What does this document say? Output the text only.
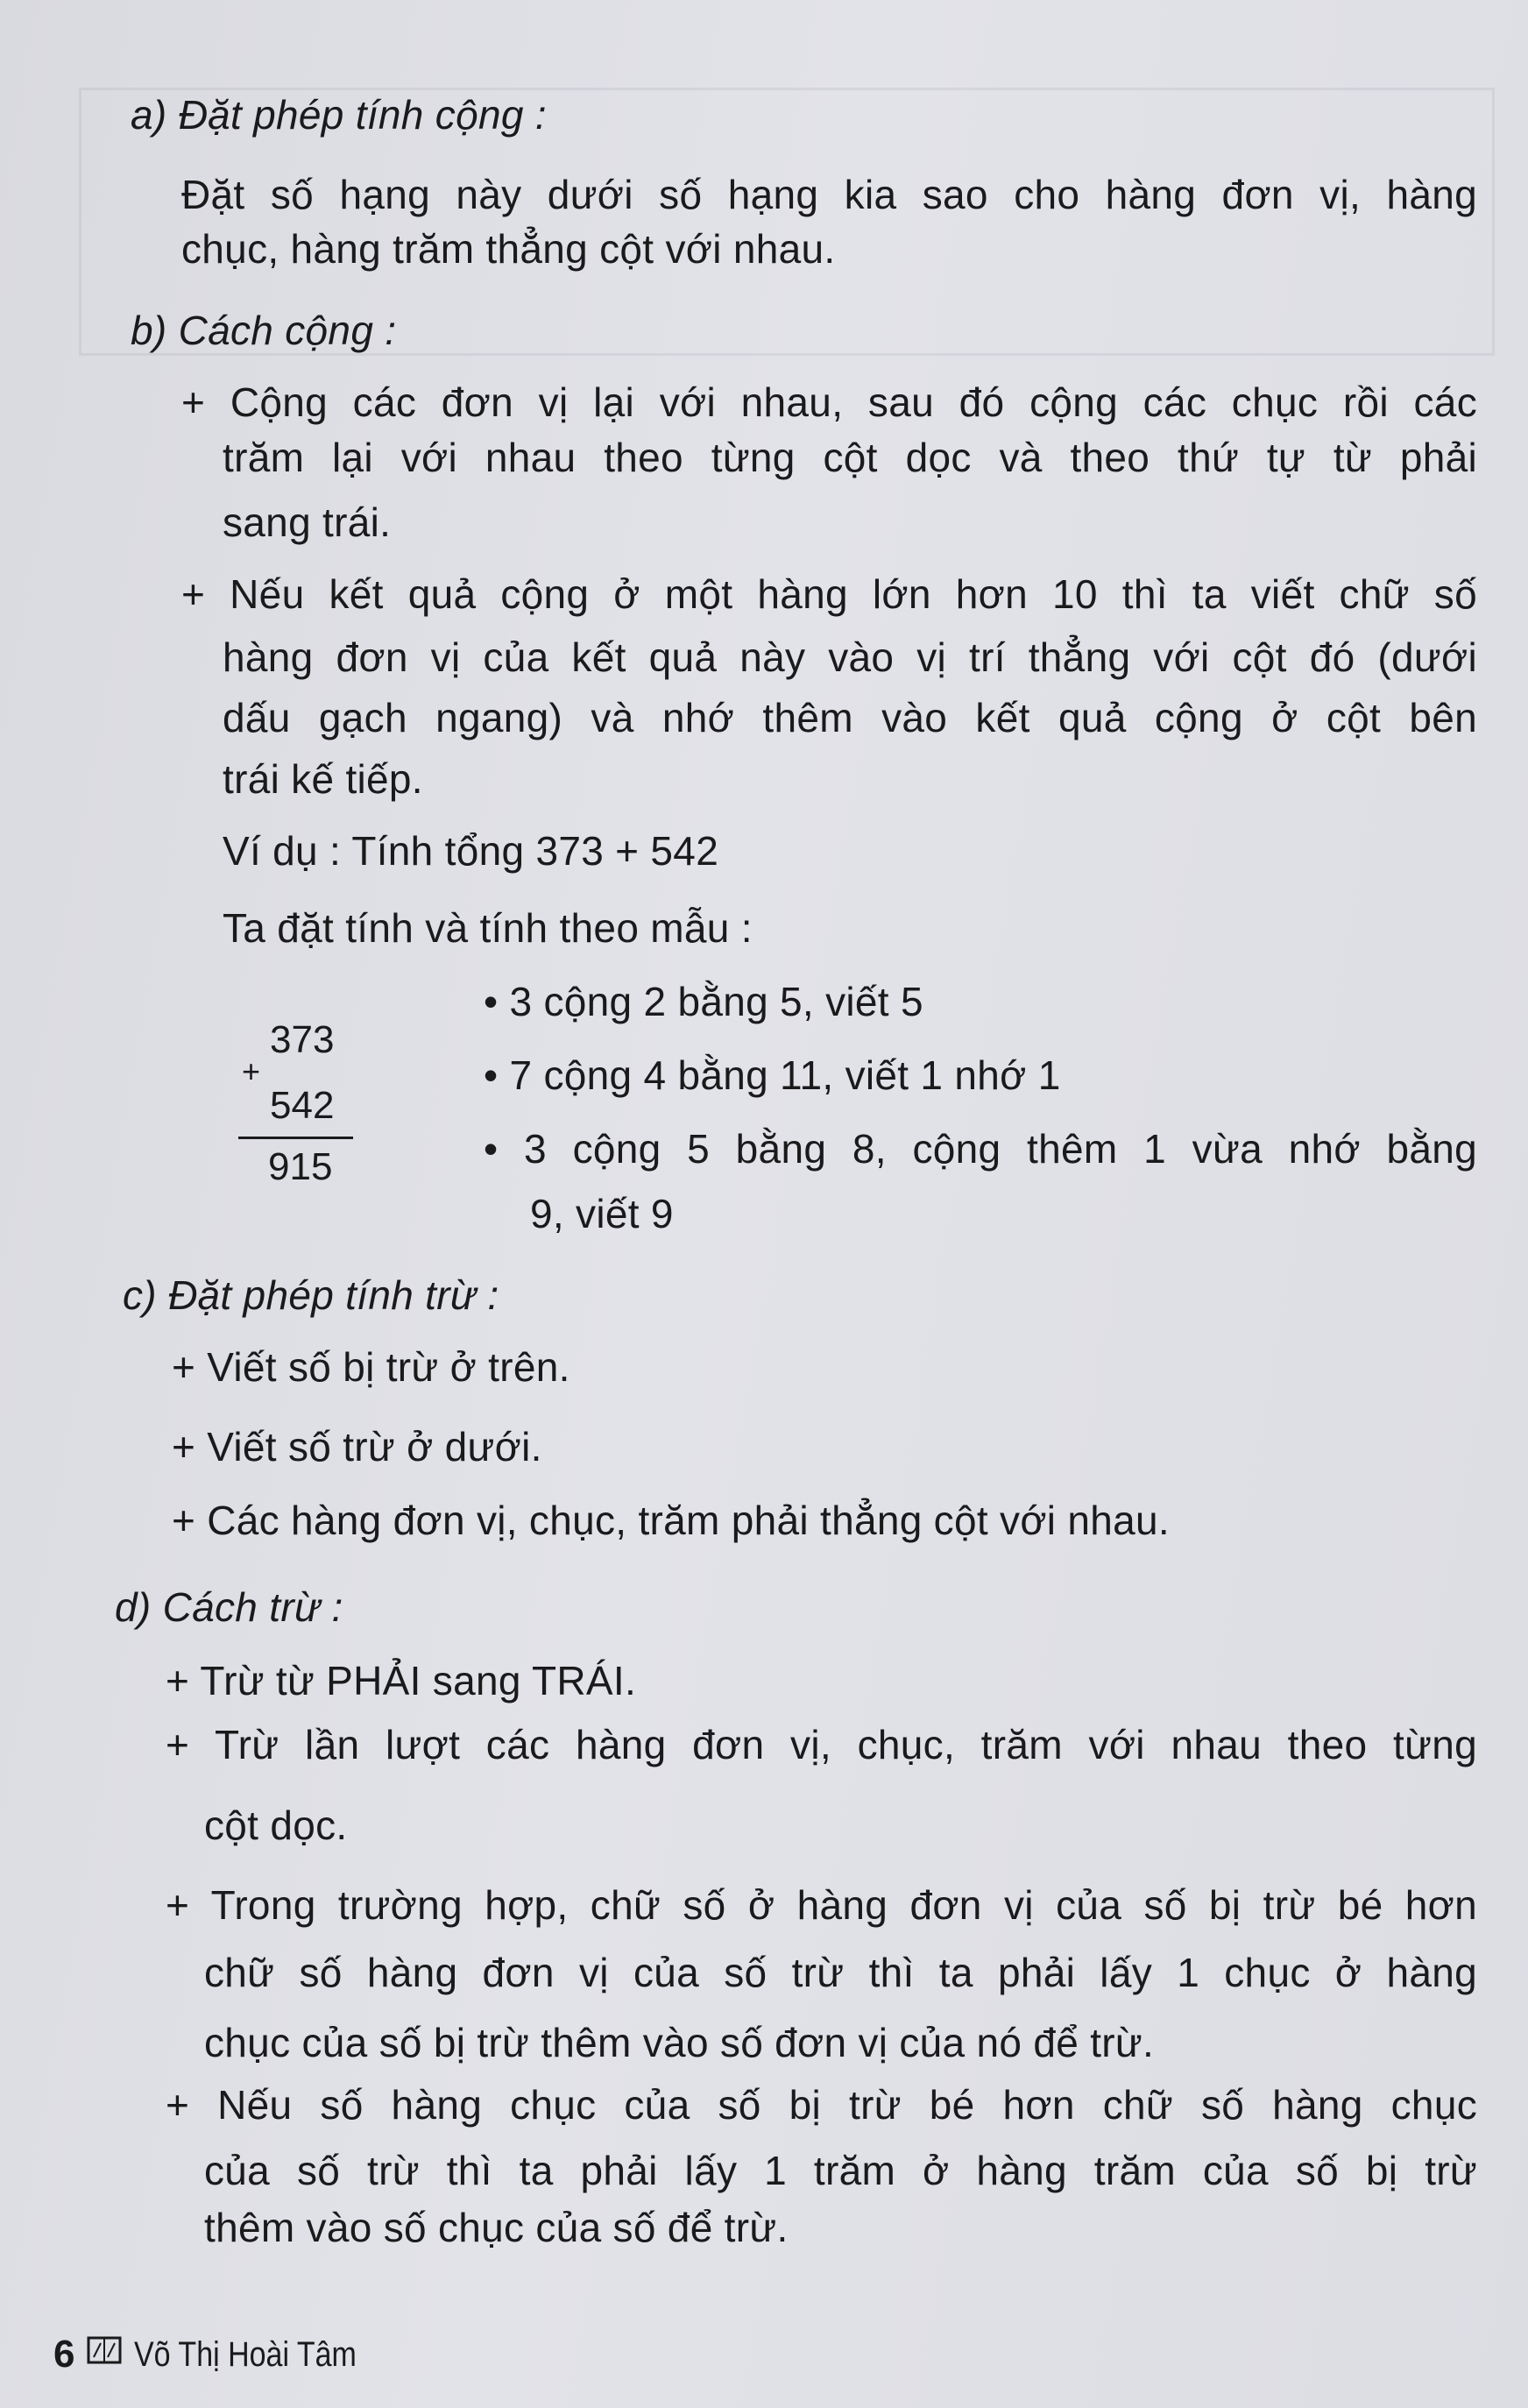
a) Đặt phép tính cộng :
Đặt số hạng này dưới số hạng kia sao cho hàng đơn vị, hàng
chục, hàng trăm thẳng cột với nhau.
b) Cách cộng :
+ Cộng các đơn vị lại với nhau, sau đó cộng các chục rồi các
trăm lại với nhau theo từng cột dọc và theo thứ tự từ phải
sang trái.
+ Nếu kết quả cộng ở một hàng lớn hơn 10 thì ta viết chữ số
hàng đơn vị của kết quả này vào vị trí thẳng với cột đó (dưới
dấu gạch ngang) và nhớ thêm vào kết quả cộng ở cột bên
trái kế tiếp.
Ví dụ : Tính tổng 373 + 542
Ta đặt tính và tính theo mẫu :
373
+
542
915
• 3 cộng 2 bằng 5, viết 5
• 7 cộng 4 bằng 11, viết 1 nhớ 1
• 3 cộng 5 bằng 8, cộng thêm 1 vừa nhớ bằng
9, viết 9
c) Đặt phép tính trừ :
+ Viết số bị trừ ở trên.
+ Viết số trừ ở dưới.
+ Các hàng đơn vị, chục, trăm phải thẳng cột với nhau.
d) Cách trừ :
+ Trừ từ PHẢI sang TRÁI.
+ Trừ lần lượt các hàng đơn vị, chục, trăm với nhau theo từng
cột dọc.
+ Trong trường hợp, chữ số ở hàng đơn vị của số bị trừ bé hơn
chữ số hàng đơn vị của số trừ thì ta phải lấy 1 chục ở hàng
chục của số bị trừ thêm vào số đơn vị của nó để trừ.
+ Nếu số hàng chục của số bị trừ bé hơn chữ số hàng chục
của số trừ thì ta phải lấy 1 trăm ở hàng trăm của số bị trừ
thêm vào số chục của số để trừ.
6 Võ Thị Hoài Tâm
